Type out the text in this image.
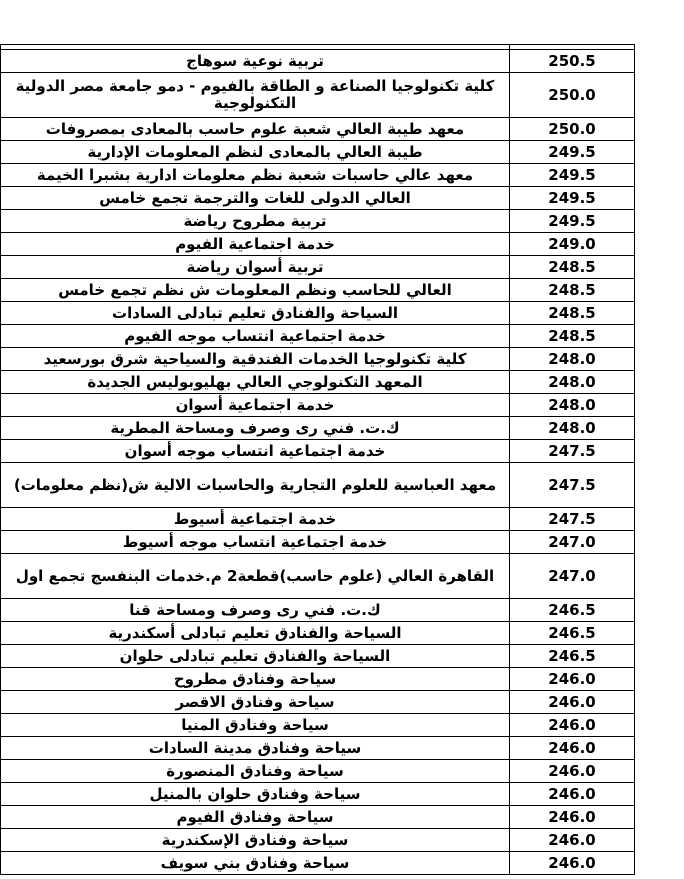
تربية نوعية سوهاج	250.5
كلية تكنولوجيا الصناعة و الطاقة بالفيوم - دمو جامعة مصر الدولية التكنولوجية	250.0
معهد طيبة العالي شعبة علوم حاسب بالمعادى بمصروفات	250.0
طيبة العالي بالمعادى لنظم المعلومات الإدارية	249.5
معهد عالي حاسبات شعبة نظم معلومات ادارية بشبرا الخيمة	249.5
العالي الدولى للغات والترجمة تجمع خامس	249.5
تربية مطروح رياضة	249.5
خدمة اجتماعية الفيوم	249.0
تربية أسوان رياضة	248.5
العالي للحاسب ونظم المعلومات ش نظم تجمع خامس	248.5
السياحة والفنادق تعليم تبادلى السادات	248.5
خدمة اجتماعية انتساب موجه الفيوم	248.5
كلية تكنولوجيا الخدمات الفندقية والسياحية شرق بورسعيد	248.0
المعهد التكنولوجي العالي بهليوبوليس الجديدة	248.0
خدمة اجتماعية أسوان	248.0
ك.ت. فني رى وصرف ومساحة المطرية	248.0
خدمة اجتماعية انتساب موجه أسوان	247.5
معهد العباسية للعلوم التجارية والحاسبات الالية ش(نظم معلومات)	247.5
خدمة اجتماعية أسيوط	247.5
خدمة اجتماعية انتساب موجه أسيوط	247.0
القاهرة العالي (علوم حاسب)قطعة2 م.خدمات البنفسج تجمع اول	247.0
ك.ت. فني رى وصرف ومساحة قنا	246.5
السياحة والفنادق تعليم تبادلى أسكندرية	246.5
السياحة والفنادق تعليم تبادلى حلوان	246.5
سياحة وفنادق مطروح	246.0
سياحة وفنادق الاقصر	246.0
سياحة وفنادق المنيا	246.0
سياحة وفنادق مدينة السادات	246.0
سياحة وفنادق المنصورة	246.0
سياحة وفنادق حلوان بالمنيل	246.0
سياحة وفنادق الفيوم	246.0
سياحة وفنادق الإسكندرية	246.0
سياحة وفنادق بني سويف	246.0
